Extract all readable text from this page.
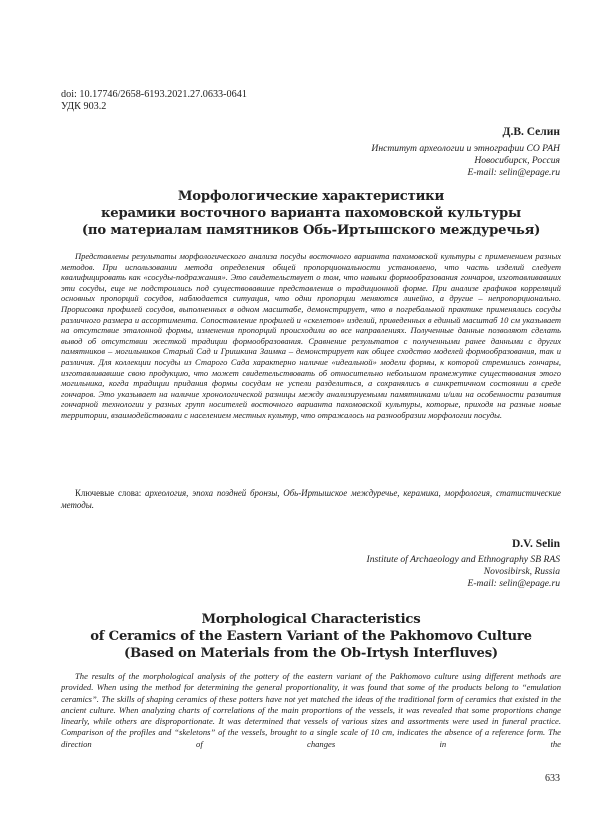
doi: 10.17746/2658-6193.2021.27.0633-0641
УДК 903.2
Д.В. Селин
Институт археологии и этнографии СО РАН
Новосибирск, Россия
E-mail: selin@epage.ru
Морфологические характеристики
керамики восточного варианта пахомовской культуры
(по материалам памятников Обь-Иртышского междуречья)

Представлены результаты морфологического анализа посуды восточного варианта пахомовской культуры с применением разных методов. При использовании метода определения общей пропорциональности установлено, что часть изделий следует квалифицировать как «сосуды-подражания». Это свидетельствует о том, что навыки формообразования гончаров, изготавливавших эти сосуды, еще не подстроились под существовавшие представления о традиционной форме. При анализе графиков корреляций основных пропорций сосудов, наблюдается ситуация, что одни пропорции меняются линейно, а другие – непропорционально. Прорисовка профилей сосудов, выполненных в одном масштабе, демонстрирует, что в погребальной практике применялись сосуды различного размера и ассортимента. Сопоставление профилей и «скелетов» изделий, приведенных в единый масштаб 10 см указывает на отсутствие эталонной формы, изменения пропорций происходили во все направлениях. Полученные данные позволяют сделать вывод об отсутствии жесткой традиции формообразования. Сравнение результатов с полученными ранее данными с других памятников – могильников Старый Сад и Гришкина Заимка – демонстрирует как общее сходство моделей формообразования, так и различия. Для коллекции посуды из Старого Сада характерно наличие «идеальной» модели формы, к которой стремились гончары, изготавливавшие свою продукцию, что может свидетельствовать об относительно небольшом промежутке существования этого могильника, когда традиции придания формы сосудам не успели разделиться, а сохранялись в синкретичном состоянии в среде гончаров. Это указывает на наличие хронологической разницы между анализируемыми памятниками и/или на особенности развития гончарной технологии у разных групп носителей восточного варианта пахомовской культуры, которые, приходя на разные новые территории, взаимодействовали с населением местных культур, что отражалось на разнообразии морфологии посуды.

Ключевые слова: археология, эпоха поздней бронзы, Обь-Иртышское междуречье, керамика, морфология, статистические методы.

D.V. Selin
Institute of Archaeology and Ethnography SB RAS
Novosibirsk, Russia
E-mail: selin@epage.ru
Morphological Characteristics
of Ceramics of the Eastern Variant of the Pakhomovo Culture
(Based on Materials from the Ob-Irtysh Interfluves)

The results of the morphological analysis of the pottery of the eastern variant of the Pakhomovo culture using different methods are provided. When using the method for determining the general proportionality, it was found that some of the products belong to “emulation ceramics”. The skills of shaping ceramics of these potters have not yet matched the ideas of the traditional form of ceramics that existed in the ancient culture. When analyzing charts of correlations of the main proportions of the vessels, it was revealed that some proportions change linearly, while others are disproportionate. It was determined that vessels of various sizes and assortments were used in funeral practice. Comparison of the profiles and “skeletons” of the vessels, brought to a single scale of 10 cm, indicates the absence of a reference form. The direction of changes in the

633
